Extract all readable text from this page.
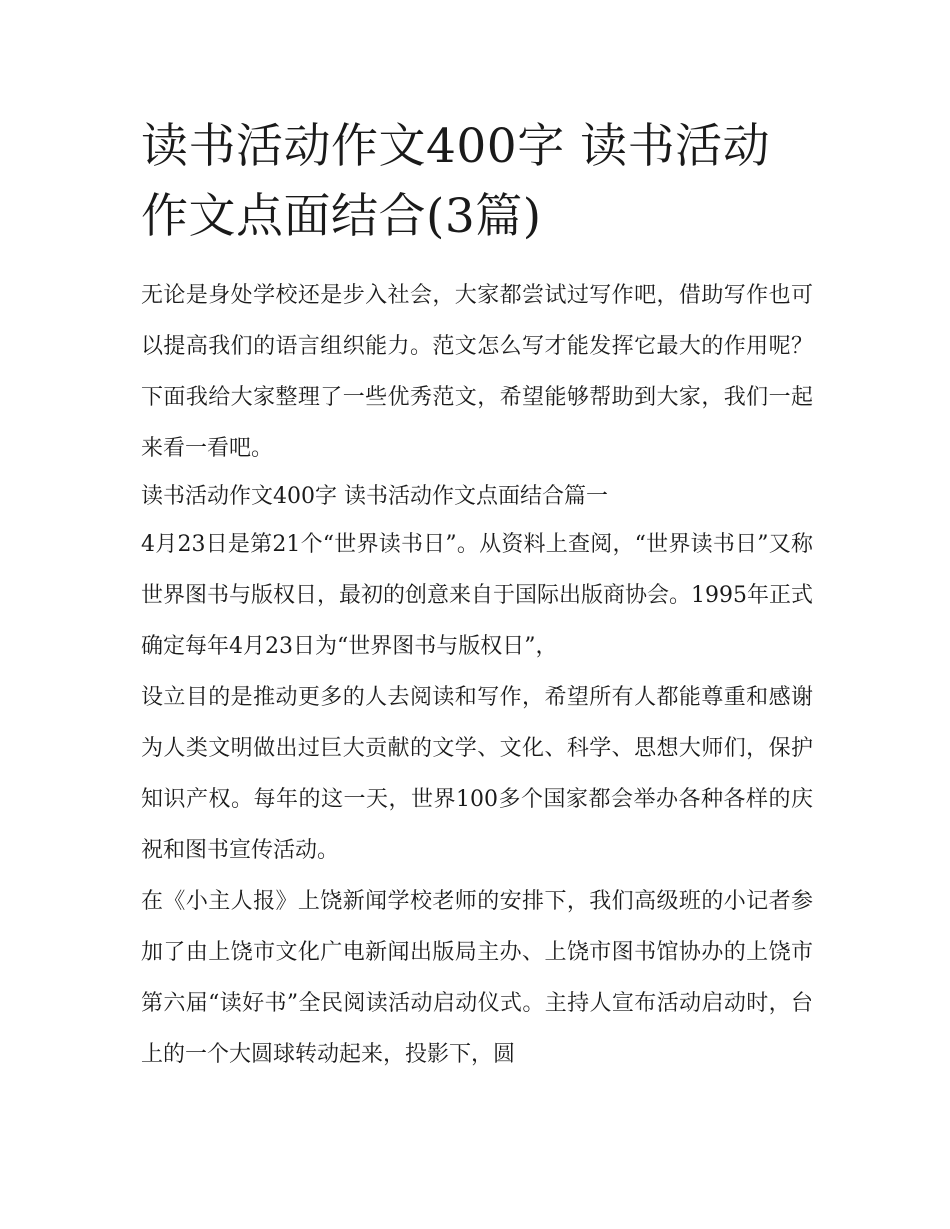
读书活动作文400字 读书活动作文点面结合(3篇)

无论是身处学校还是步入社会，大家都尝试过写作吧，借助写作也可以提高我们的语言组织能力。范文怎么写才能发挥它最大的作用呢？下面我给大家整理了一些优秀范文，希望能够帮助到大家，我们一起来看一看吧。

读书活动作文400字 读书活动作文点面结合篇一

4月23日是第21个“世界读书日”。从资料上查阅，“世界读书日”又称世界图书与版权日，最初的创意来自于国际出版商协会。1995年正式确定每年4月23日为“世界图书与版权日”，

设立目的是推动更多的人去阅读和写作，希望所有人都能尊重和感谢为人类文明做出过巨大贡献的文学、文化、科学、思想大师们，保护知识产权。每年的这一天，世界100多个国家都会举办各种各样的庆祝和图书宣传活动。

在《小主人报》上饶新闻学校老师的安排下，我们高级班的小记者参加了由上饶市文化广电新闻出版局主办、上饶市图书馆协办的上饶市第六届“读好书”全民阅读活动启动仪式。主持人宣布活动启动时，台上的一个大圆球转动起来，投影下，圆
